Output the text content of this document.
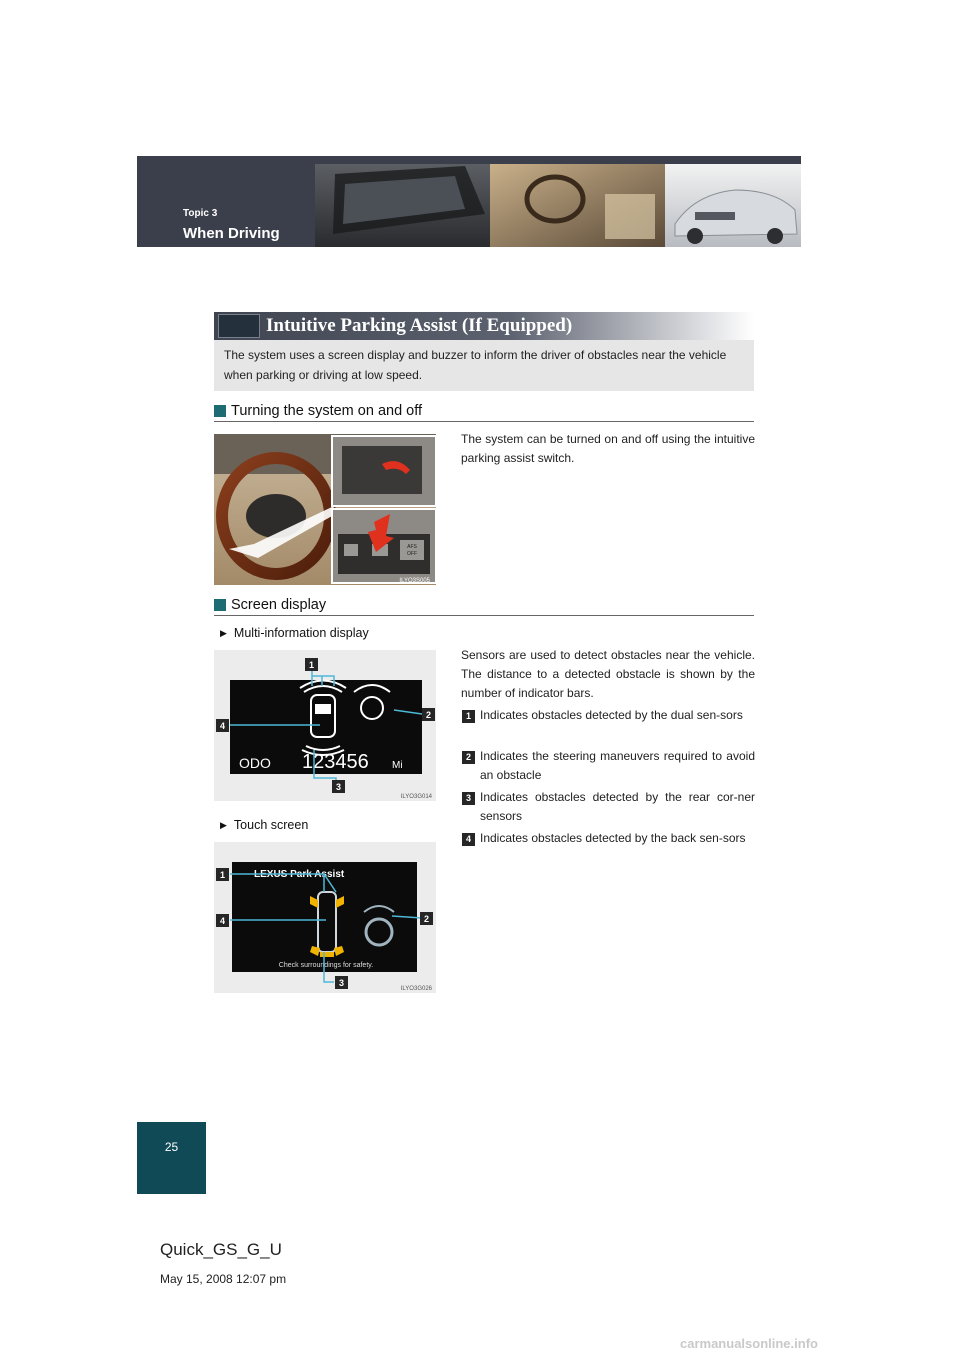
Topic 3
When Driving
Intuitive Parking Assist (If Equipped)
The system uses a screen display and buzzer to inform the driver of obstacles near the vehicle when parking or driving at low speed.
Turning the system on and off
AFS
OFF
ILYO3S005
The system can be turned on and off using the intuitive parking assist switch.
Screen display
▶ Multi-information display
ODO 123456 Mi
1
2
3
4
ILYO3G014
▶ Touch screen
LEXUS Park Assist
Check surroundings for safety.
1
2
3
4
ILYO3G026
Sensors are used to detect obstacles near the vehicle. The distance to a detected obstacle is shown by the number of indicator bars.
1 Indicates obstacles detected by the dual sen-sors
2 Indicates the steering maneuvers required to avoid an obstacle
3 Indicates obstacles detected by the rear cor-ner sensors
4 Indicates obstacles detected by the back sen-sors
25
Quick_GS_G_U
May 15, 2008 12:07 pm
carmanualsonline.info
